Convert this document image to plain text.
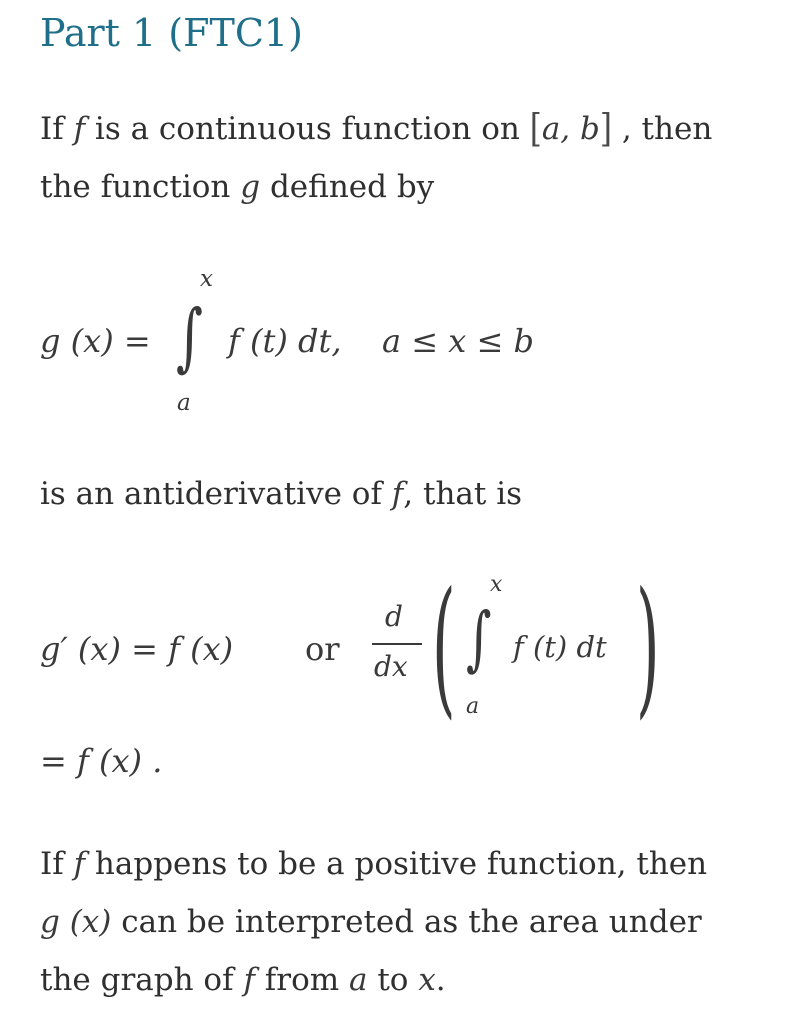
Part 1 (FTC1)
If f is a continuous function on [a, b] , then
the function g defined by
g (x) =
x
∫
a
f (t) dt, a ≤ x ≤ b
is an antiderivative of f, that is
g′ (x) = f (x) or
d
dx ( x
∫
a
f (t) dt )
= f (x) .
If f happens to be a positive function, then
g (x) can be interpreted as the area under
the graph of f from a to x.
